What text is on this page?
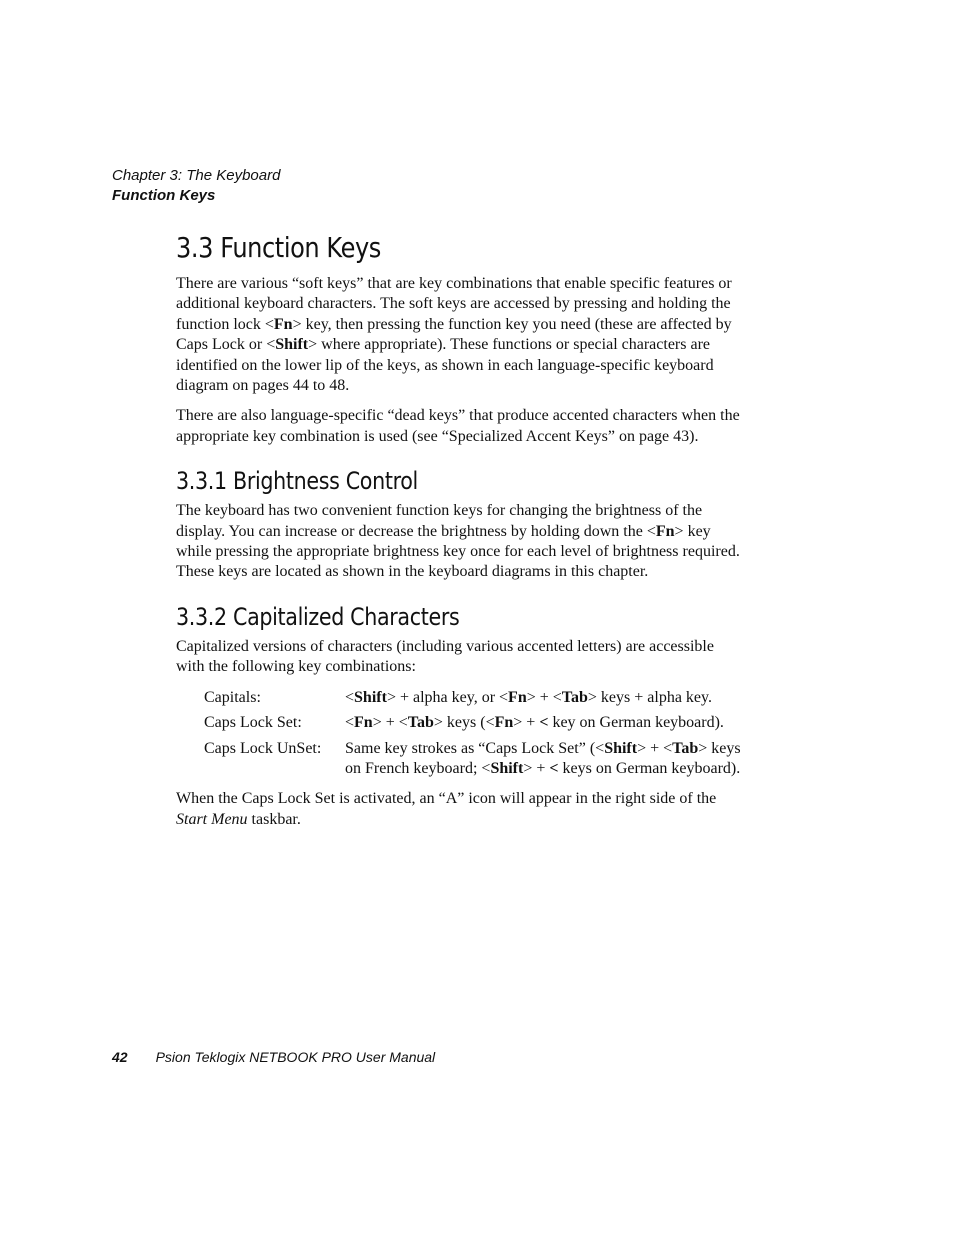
Chapter 3: The Keyboard
Function Keys
3.3 Function Keys

There are various “soft keys” that are key combinations that enable specific features or additional keyboard characters. The soft keys are accessed by pressing and holding the function lock <Fn> key, then pressing the function key you need (these are affected by Caps Lock or <Shift> where appropriate). These functions or special characters are identified on the lower lip of the keys, as shown in each language-specific keyboard diagram on pages 44 to 48.

There are also language-specific “dead keys” that produce accented characters when the appropriate key combination is used (see “Specialized Accent Keys” on page 43).

3.3.1 Brightness Control

The keyboard has two convenient function keys for changing the brightness of the display. You can increase or decrease the brightness by holding down the <Fn> key while pressing the appropriate brightness key once for each level of brightness required. These keys are located as shown in the keyboard diagrams in this chapter.

3.3.2 Capitalized Characters

Capitalized versions of characters (including various accented letters) are accessible with the following key combinations:

Capitals:	<Shift> + alpha key, or <Fn> + <Tab> keys + alpha key.
Caps Lock Set:	<Fn> + <Tab> keys (<Fn> + < key on German keyboard).
Caps Lock UnSet:	Same key strokes as “Caps Lock Set” (<Shift> + <Tab> keys on French keyboard; <Shift> + < keys on German keyboard).

When the Caps Lock Set is activated, an “A” icon will appear in the right side of the Start Menu taskbar.

42 Psion Teklogix NETBOOK PRO User Manual
